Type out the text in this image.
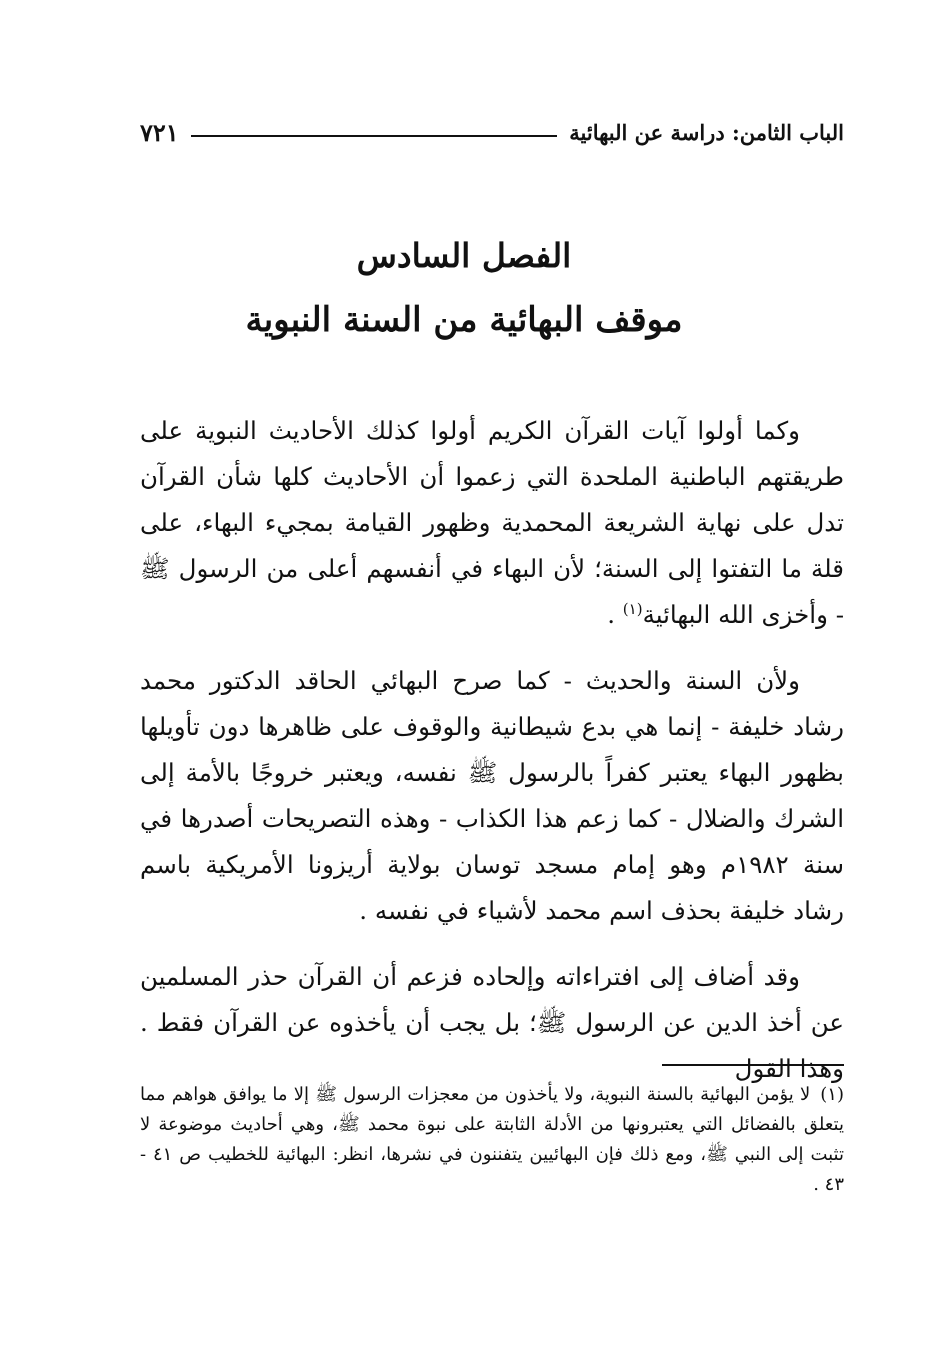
الباب الثامن: دراسة عن البهائية
٧٢١
الفصل السادس
موقف البهائية من السنة النبوية

وكما أولوا آيات القرآن الكريم أولوا كذلك الأحاديث النبوية على طريقتهم الباطنية الملحدة التي زعموا أن الأحاديث كلها شأن القرآن تدل على نهاية الشريعة المحمدية وظهور القيامة بمجيء البهاء، على قلة ما التفتوا إلى السنة؛ لأن البهاء في أنفسهم أعلى من الرسول ﷺ - وأخزى الله البهائية$^{(١)}$ .

ولأن السنة والحديث - كما صرح البهائي الحاقد الدكتور محمد رشاد خليفة - إنما هي بدع شيطانية والوقوف على ظاهرها دون تأويلها بظهور البهاء يعتبر كفراً بالرسول ﷺ نفسه، ويعتبر خروجًا بالأمة إلى الشرك والضلال - كما زعم هذا الكذاب - وهذه التصريحات أصدرها في سنة ١٩٨٢م وهو إمام مسجد توسان بولاية أريزونا الأمريكية باسم رشاد خليفة بحذف اسم محمد لأشياء في نفسه .

وقد أضاف إلى افتراءاته وإلحاده فزعم أن القرآن حذر المسلمين عن أخذ الدين عن الرسول ﷺ؛ بل يجب أن يأخذوه عن القرآن فقط . وهذا القول

(١)لا يؤمن البهائية بالسنة النبوية، ولا يأخذون من معجزات الرسول ﷺ إلا ما يوافق هواهم مما يتعلق بالفضائل التي يعتبرونها من الأدلة الثابتة على نبوة محمد ﷺ، وهي أحاديث موضوعة لا تثبت إلى النبي ﷺ، ومع ذلك فإن البهائيين يتفننون في نشرها، انظر: البهائية للخطيب ص ٤١ - ٤٣ .
